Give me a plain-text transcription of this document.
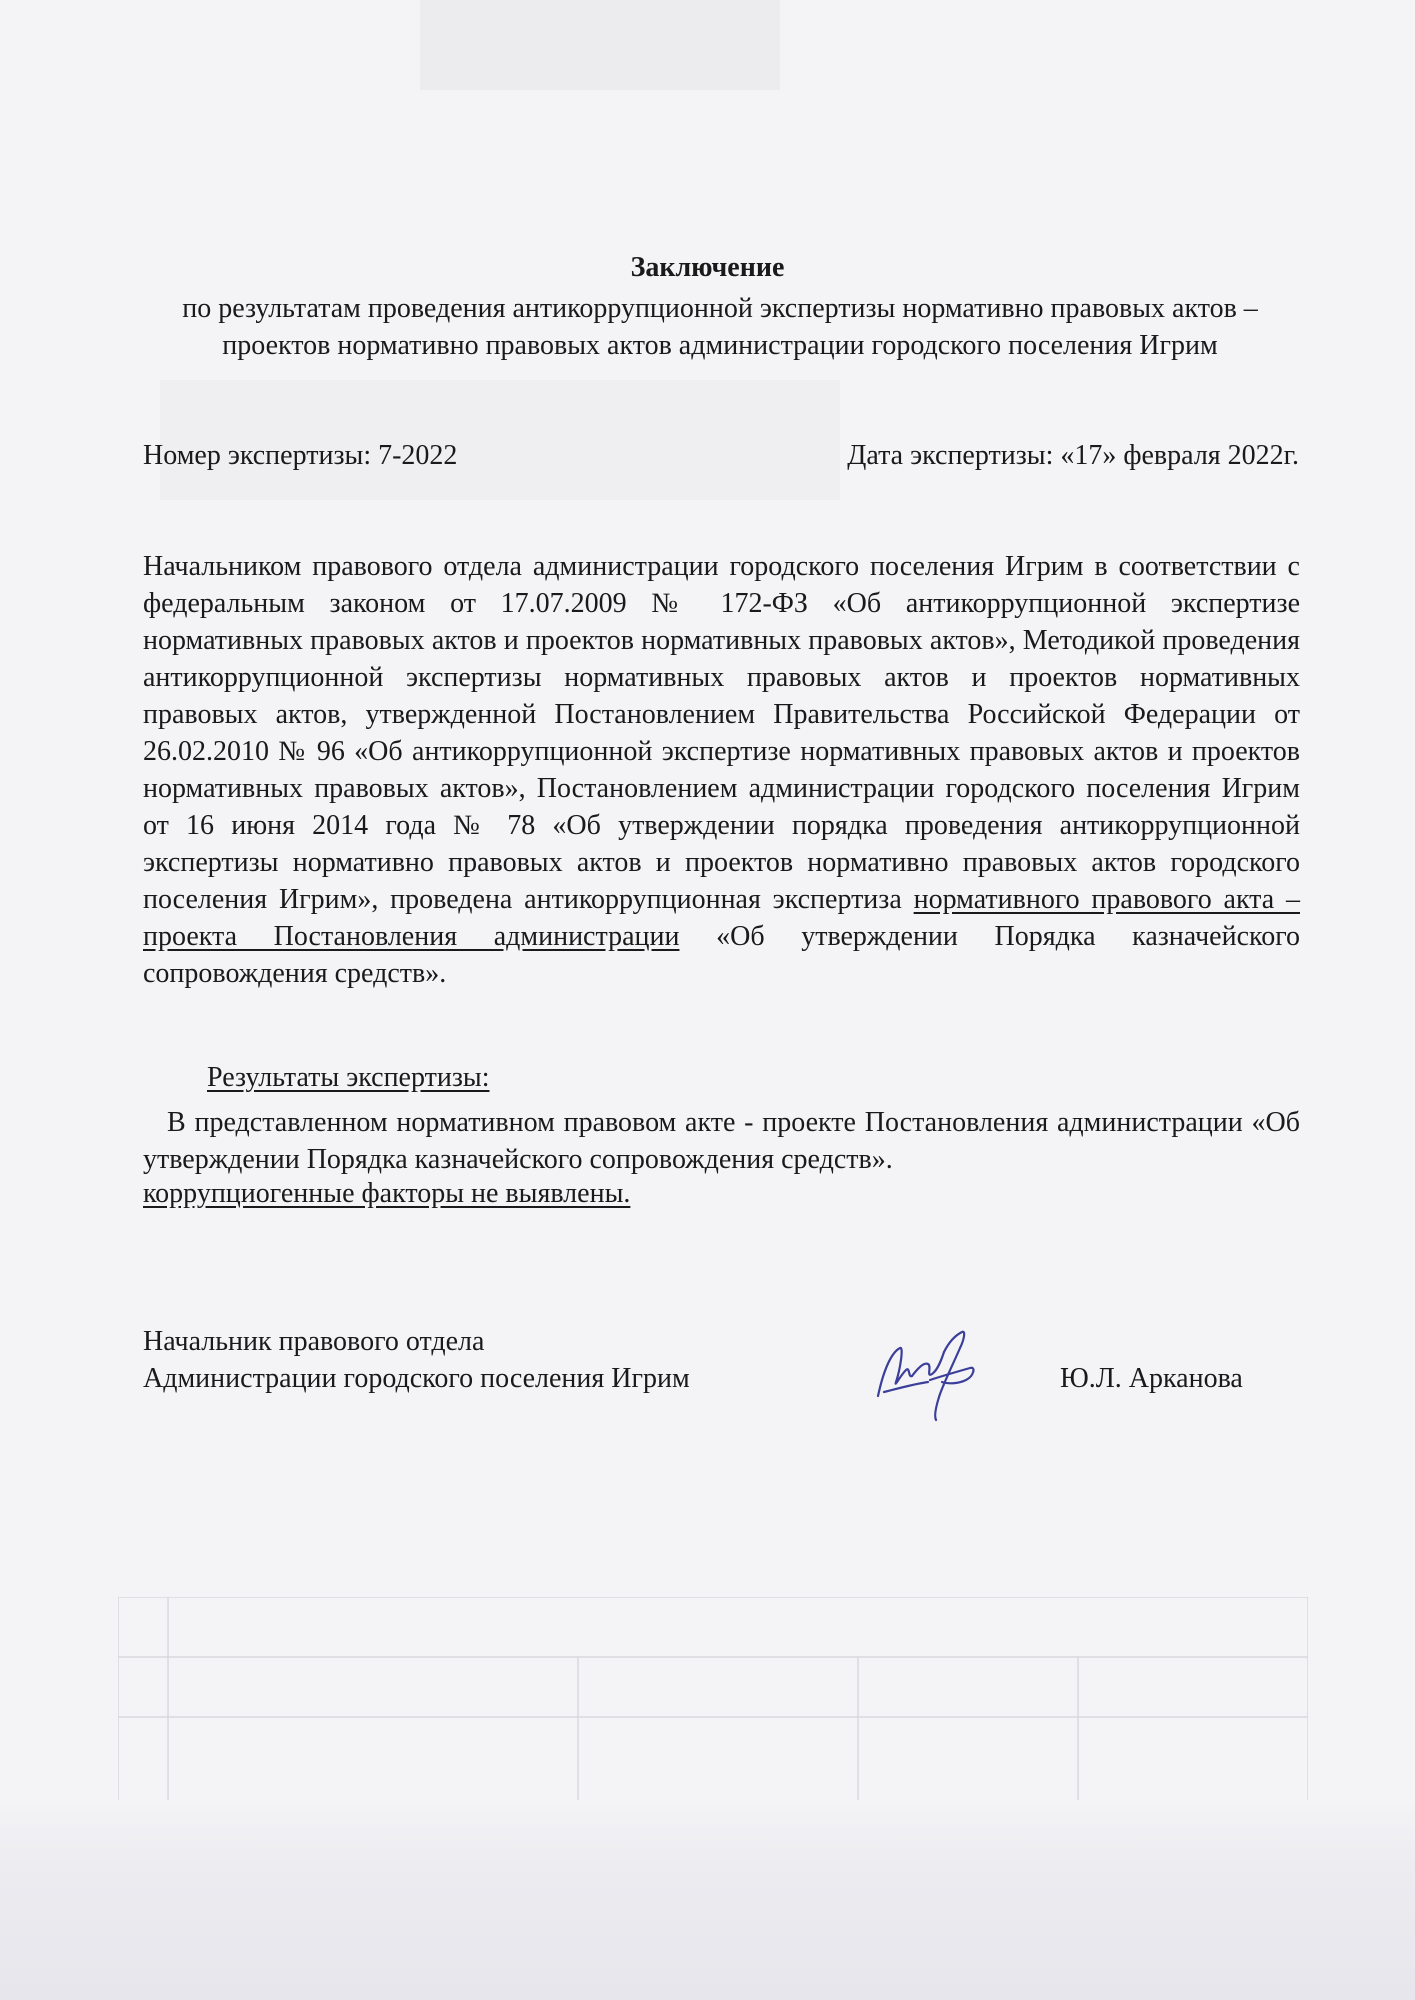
Заключение
по результатам проведения антикоррупционной экспертизы нормативно правовых актов – проектов нормативно правовых актов администрации городского поселения Игрим
Номер экспертизы: 7-2022	Дата экспертизы: «17» февраля 2022г.
Начальником правового отдела администрации городского поселения Игрим в соответствии с федеральным законом от 17.07.2009 № 172-ФЗ «Об антикоррупционной экспертизе нормативных правовых актов и проектов нормативных правовых актов», Методикой проведения антикоррупционной экспертизы нормативных правовых актов и проектов нормативных правовых актов, утвержденной Постановлением Правительства Российской Федерации от 26.02.2010 № 96 «Об антикоррупционной экспертизе нормативных правовых актов и проектов нормативных правовых актов», Постановлением администрации городского поселения Игрим от 16 июня 2014 года № 78 «Об утверждении порядка проведения антикоррупционной экспертизы нормативно правовых актов и проектов нормативно правовых актов городского поселения Игрим», проведена антикоррупционная экспертиза нормативного правового акта – проекта Постановления администрации «Об утверждении Порядка казначейского сопровождения средств».
Результаты экспертизы:
В представленном нормативном правовом акте - проекте Постановления администрации «Об утверждении Порядка казначейского сопровождения средств».
коррупциогенные факторы не выявлены.
Начальник правового отдела
Администрации городского поселения Игрим	Ю.Л. Арканова
